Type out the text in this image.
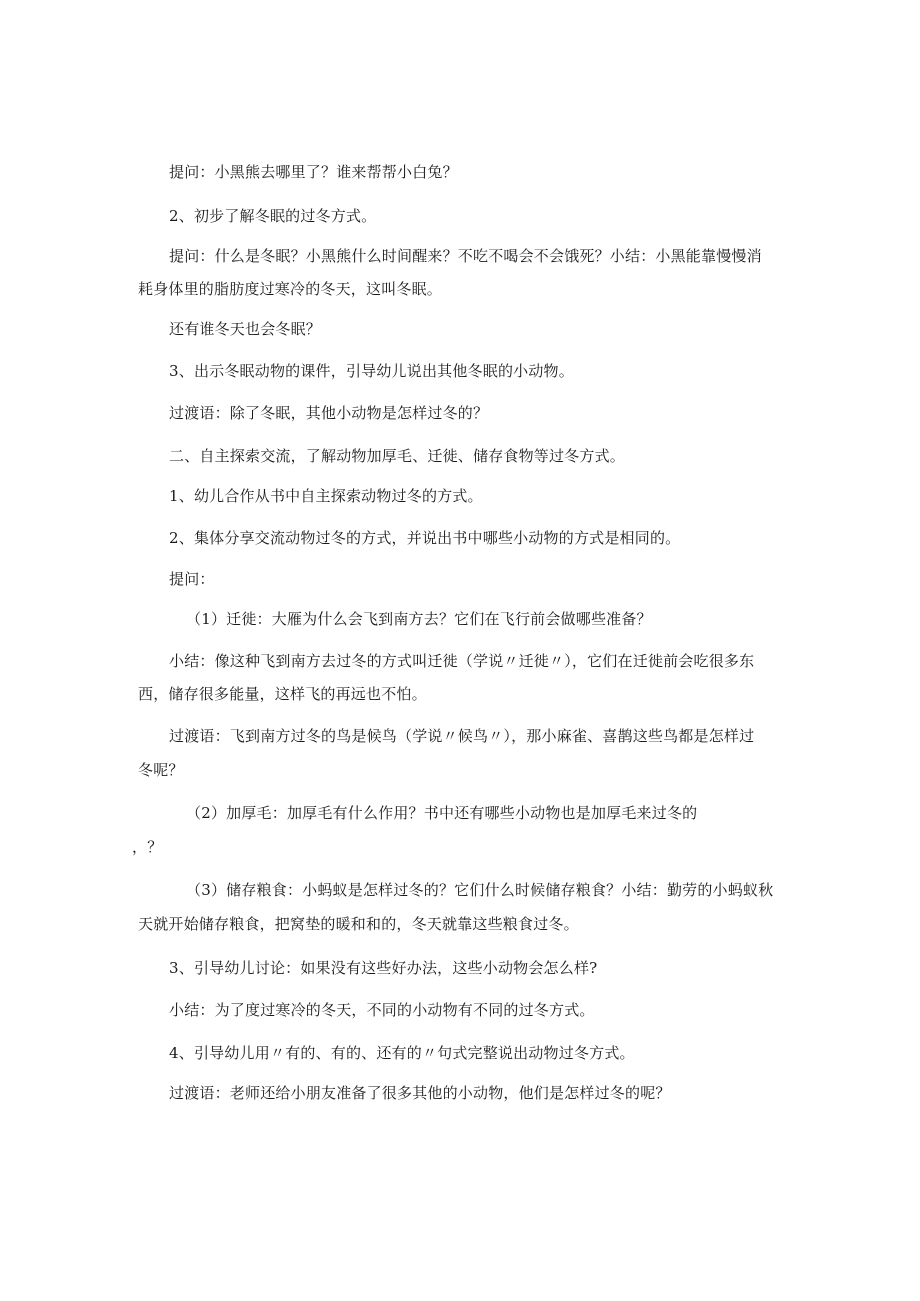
提问：小黑熊去哪里了？谁来帮帮小白兔？
2、初步了解冬眠的过冬方式。
提问：什么是冬眠？小黑熊什么时间醒来？不吃不喝会不会饿死？小结：小黑能靠慢慢消
耗身体里的脂肪度过寒冷的冬天，这叫冬眠。
还有谁冬天也会冬眠？
3、出示冬眠动物的课件，引导幼儿说出其他冬眠的小动物。
过渡语：除了冬眠，其他小动物是怎样过冬的？
二、自主探索交流，了解动物加厚毛、迁徙、储存食物等过冬方式。
1、幼儿合作从书中自主探索动物过冬的方式。
2、集体分享交流动物过冬的方式，并说出书中哪些小动物的方式是相同的。
提问：
（1）迁徙：大雁为什么会飞到南方去？它们在飞行前会做哪些准备？
小结：像这种飞到南方去过冬的方式叫迁徙（学说〃迁徙〃），它们在迁徙前会吃很多东
西，储存很多能量，这样飞的再远也不怕。
过渡语：飞到南方过冬的鸟是候鸟（学说〃候鸟〃），那小麻雀、喜鹊这些鸟都是怎样过
冬呢？
（2）加厚毛：加厚毛有什么作用？书中还有哪些小动物也是加厚毛来过冬的
，？
（3）储存粮食：小蚂蚁是怎样过冬的？它们什么时候储存粮食？小结：勤劳的小蚂蚁秋
天就开始储存粮食，把窝垫的暖和和的，冬天就靠这些粮食过冬。
3、引导幼儿讨论：如果没有这些好办法，这些小动物会怎么样?
小结：为了度过寒冷的冬天，不同的小动物有不同的过冬方式。
4、引导幼儿用〃有的、有的、还有的〃句式完整说出动物过冬方式。
过渡语：老师还给小朋友准备了很多其他的小动物，他们是怎样过冬的呢？
